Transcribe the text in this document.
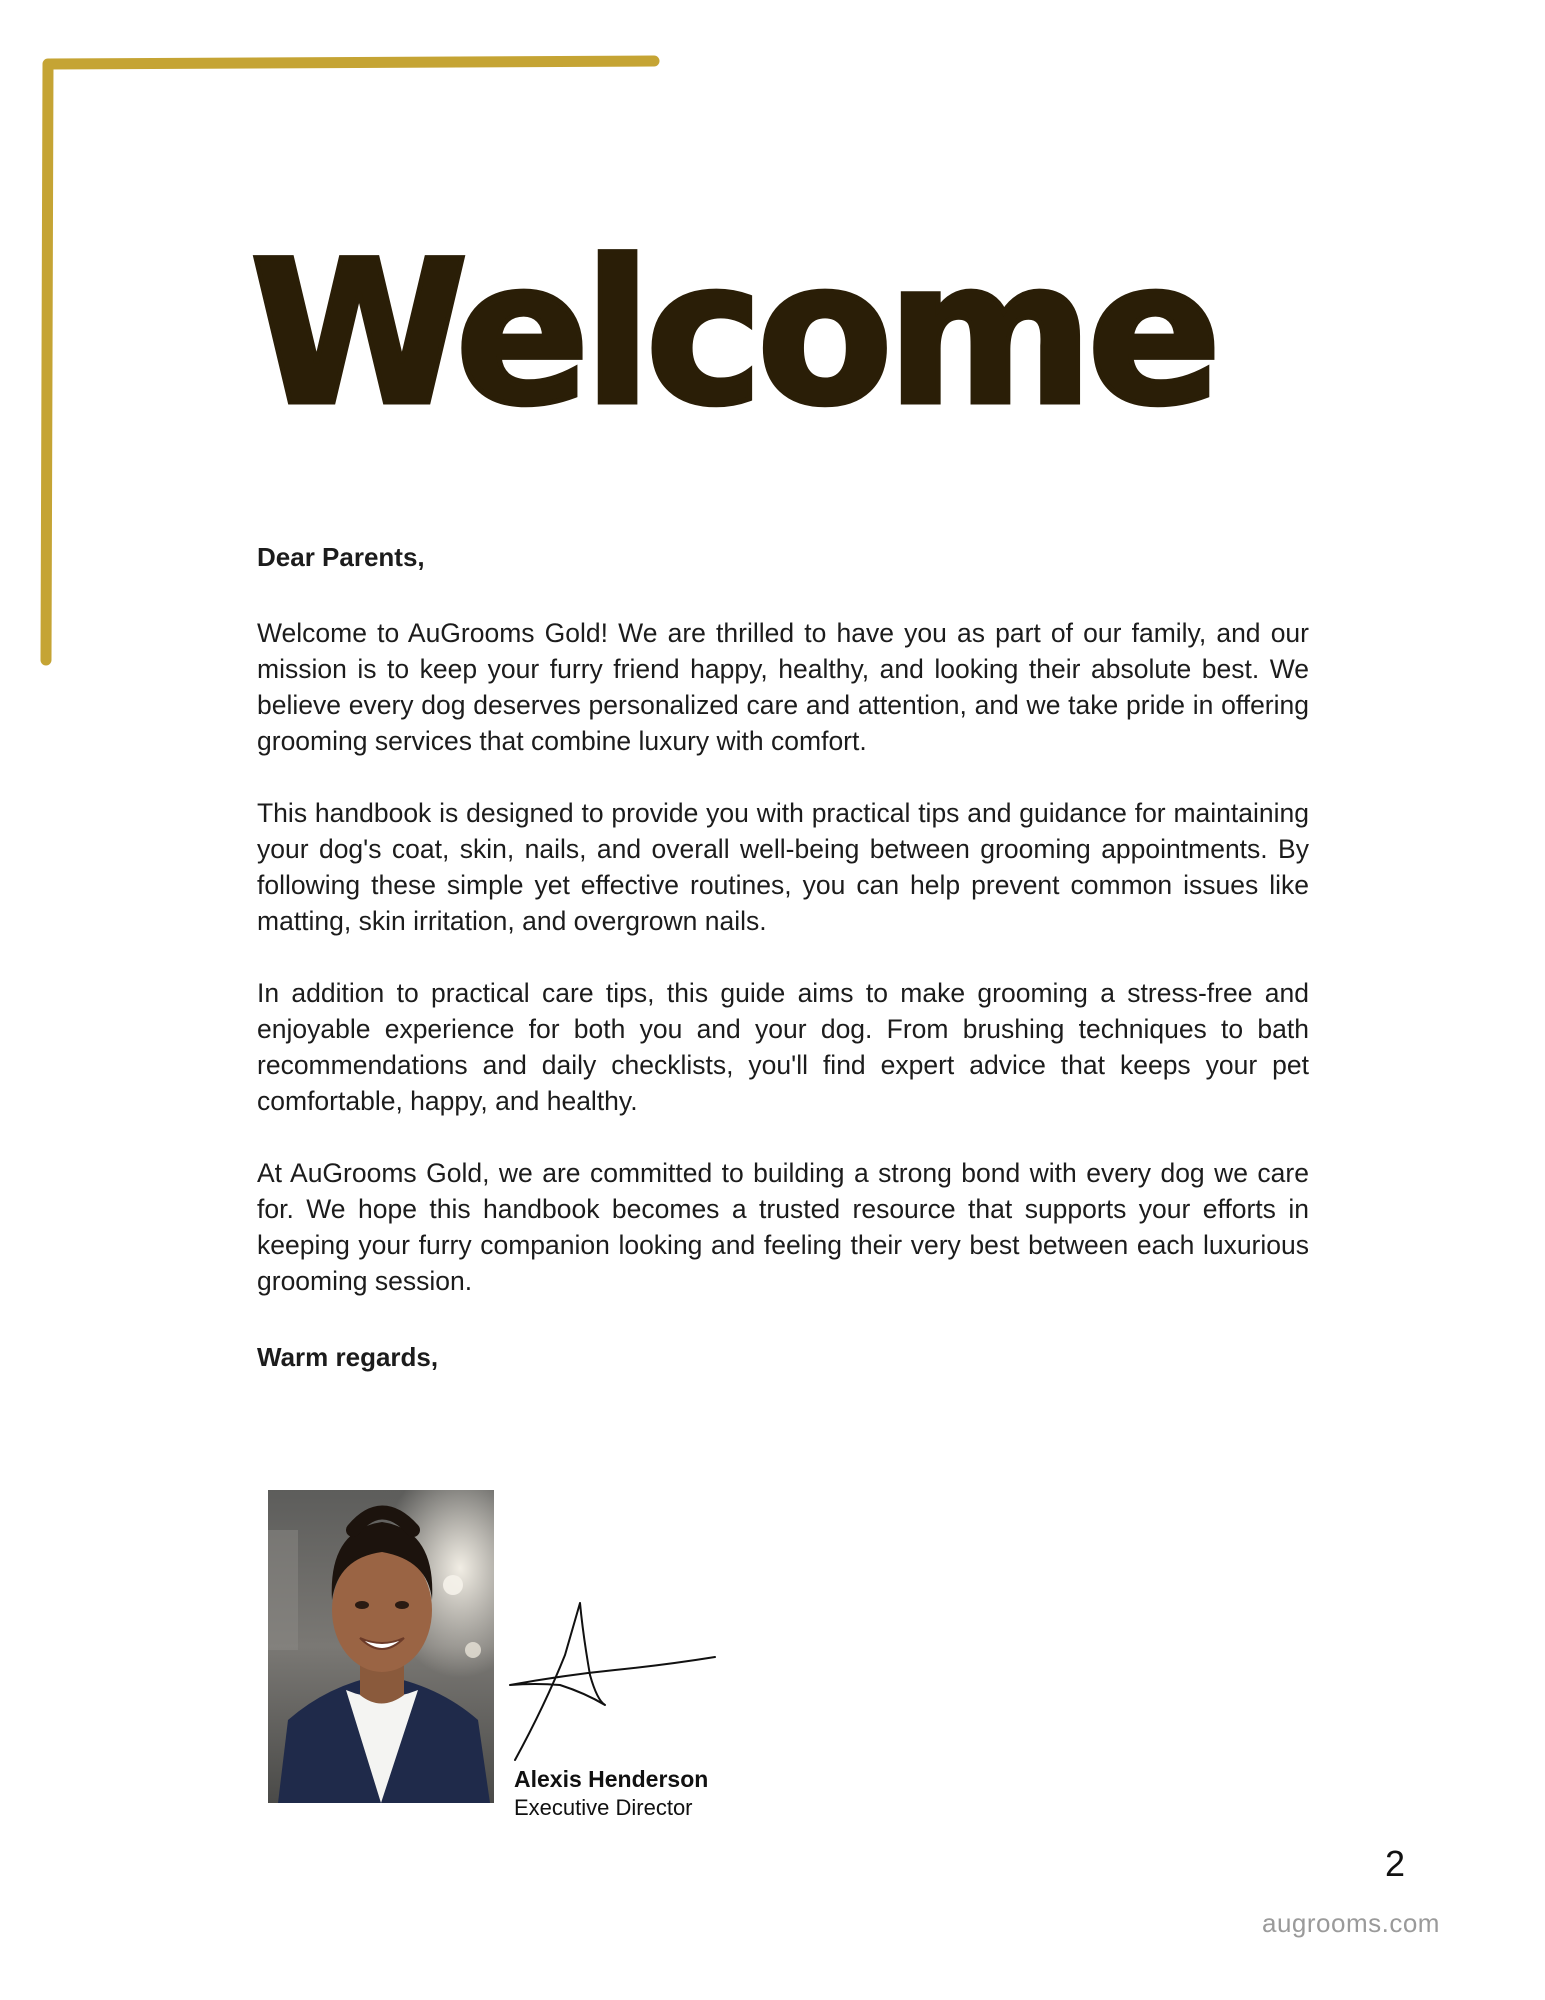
Welcome

Dear Parents,

Welcome to AuGrooms Gold! We are thrilled to have you as part of our family, and our mission is to keep your furry friend happy, healthy, and looking their absolute best. We believe every dog deserves personalized care and attention, and we take pride in offering grooming services that combine luxury with comfort.

This handbook is designed to provide you with practical tips and guidance for maintaining your dog's coat, skin, nails, and overall well-being between grooming appointments. By following these simple yet effective routines, you can help prevent common issues like matting, skin irritation, and overgrown nails.

In addition to practical care tips, this guide aims to make grooming a stress-free and enjoyable experience for both you and your dog. From brushing techniques to bath recommendations and daily checklists, you'll find expert advice that keeps your pet comfortable, happy, and healthy.

At AuGrooms Gold, we are committed to building a strong bond with every dog we care for. We hope this handbook becomes a trusted resource that supports your efforts in keeping your furry companion looking and feeling their very best between each luxurious grooming session.

Warm regards,

Alexis Henderson
Executive Director
2
augrooms.com
